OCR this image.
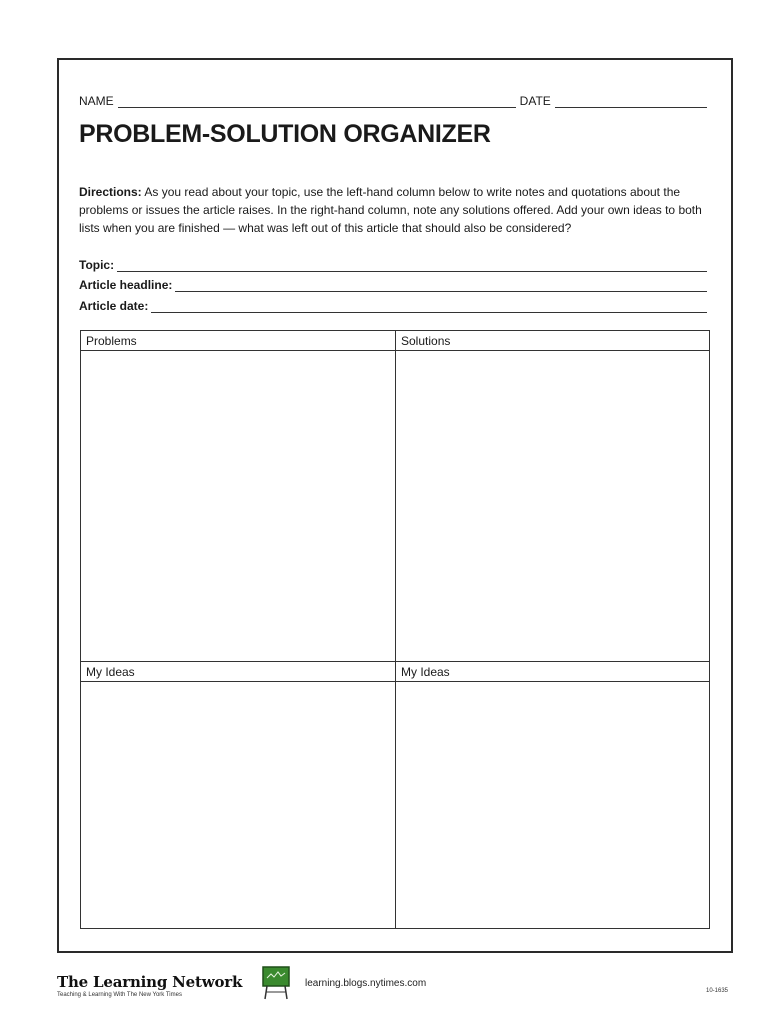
NAME	DATE
PROBLEM-SOLUTION ORGANIZER

Directions: As you read about your topic, use the left-hand column below to write notes and quotations about the problems or issues the article raises. In the right-hand column, note any solutions offered. Add your own ideas to both lists when you are finished — what was left out of this article that should also be considered?

Topic:
Article headline:
Article date:
Problems	Solutions
My Ideas	My Ideas
The Learning Network
Teaching & Learning With The New York Times
learning.blogs.nytimes.com
10-1635
